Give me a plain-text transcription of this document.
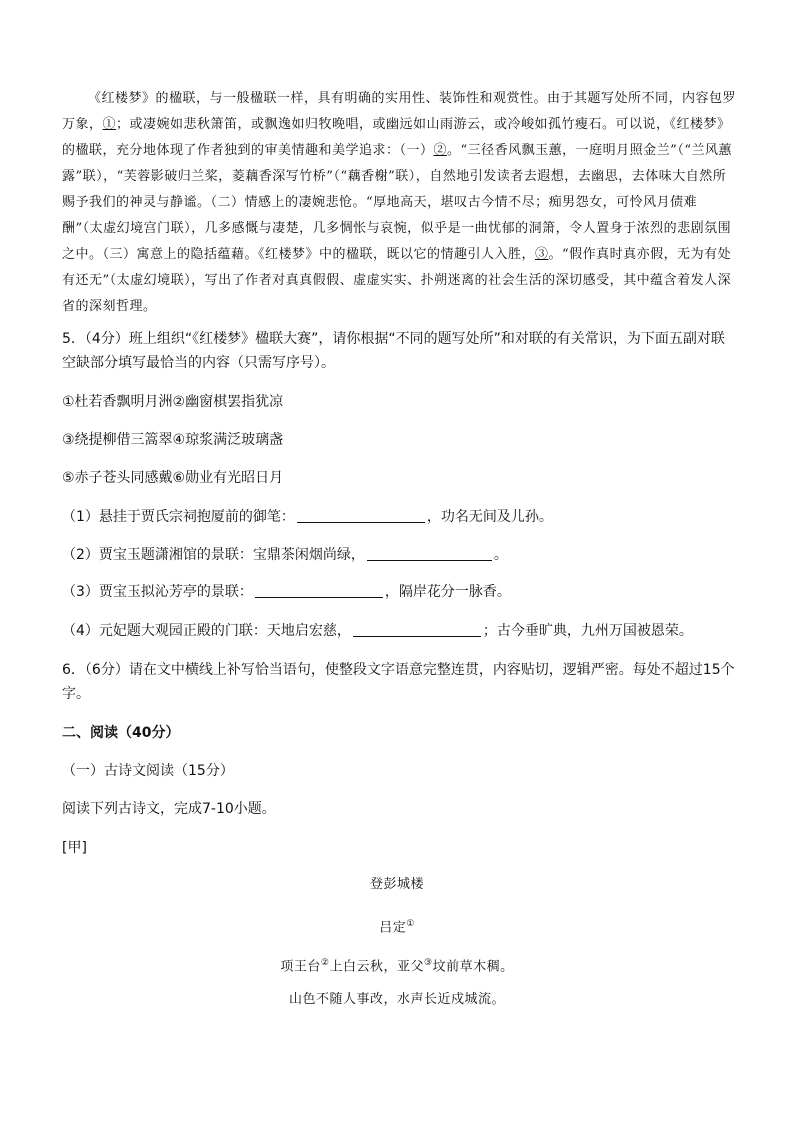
《红楼梦》的楹联，与一般楹联一样，具有明确的实用性、装饰性和观赏性。由于其题写处所不同，内容包罗万象，①；或凄婉如悲秋箫笛，或飘逸如归牧晚唱，或幽远如山雨游云，或冷峻如孤竹瘦石。可以说，《红楼梦》的楹联，充分地体现了作者独到的审美情趣和美学追求：（一）②。“三径香风飘玉蕙，一庭明月照金兰”（“兰风蕙露”联），“芙蓉影破归兰桨，菱藕香深写竹桥”（“藕香榭”联），自然地引发读者去遐想，去幽思，去体味大自然所赐予我们的神灵与静谧。（二）情感上的凄婉悲怆。“厚地高天，堪叹古今情不尽；痴男怨女，可怜风月债难酬”（太虚幻境宫门联），几多感慨与凄楚，几多惆怅与哀惋，似乎是一曲忧郁的洞箫，令人置身于浓烈的悲剧氛围之中。（三）寓意上的隐括蕴藉。《红楼梦》中的楹联，既以它的情趣引人入胜，③。“假作真时真亦假，无为有处有还无”（太虚幻境联），写出了作者对真真假假、虚虚实实、扑朔迷离的社会生活的深切感受，其中蕴含着发人深省的深刻哲理。

5．（4分）班上组织“《红楼梦》楹联大赛”，请你根据“不同的题写处所”和对联的有关常识，为下面五副对联空缺部分填写最恰当的内容（只需写序号）。

①杜若香飘明月洲②幽窗棋罢指犹凉

③绕提柳借三篙翠④琼浆满泛玻璃盏

⑤赤子苍头同感戴⑥勋业有光昭日月

（1）悬挂于贾氏宗祠抱厦前的御笔：	，功名无间及儿孙。

（2）贾宝玉题潇湘馆的景联：宝鼎茶闲烟尚绿，	。

（3）贾宝玉拟沁芳亭的景联：	，隔岸花分一脉香。

（4）元妃题大观园正殿的门联：天地启宏慈，	；古今垂旷典，九州万国被恩荣。

6．（6分）请在文中横线上补写恰当语句，使整段文字语意完整连贯，内容贴切，逻辑严密。每处不超过15个字。

二、阅读（40分）

（一）古诗文阅读（15分）

阅读下列古诗文，完成7-10小题。

[甲]

登彭城楼

吕定①

项王台②上白云秋，亚父③坟前草木稠。

山色不随人事改，水声长近戍城流。
